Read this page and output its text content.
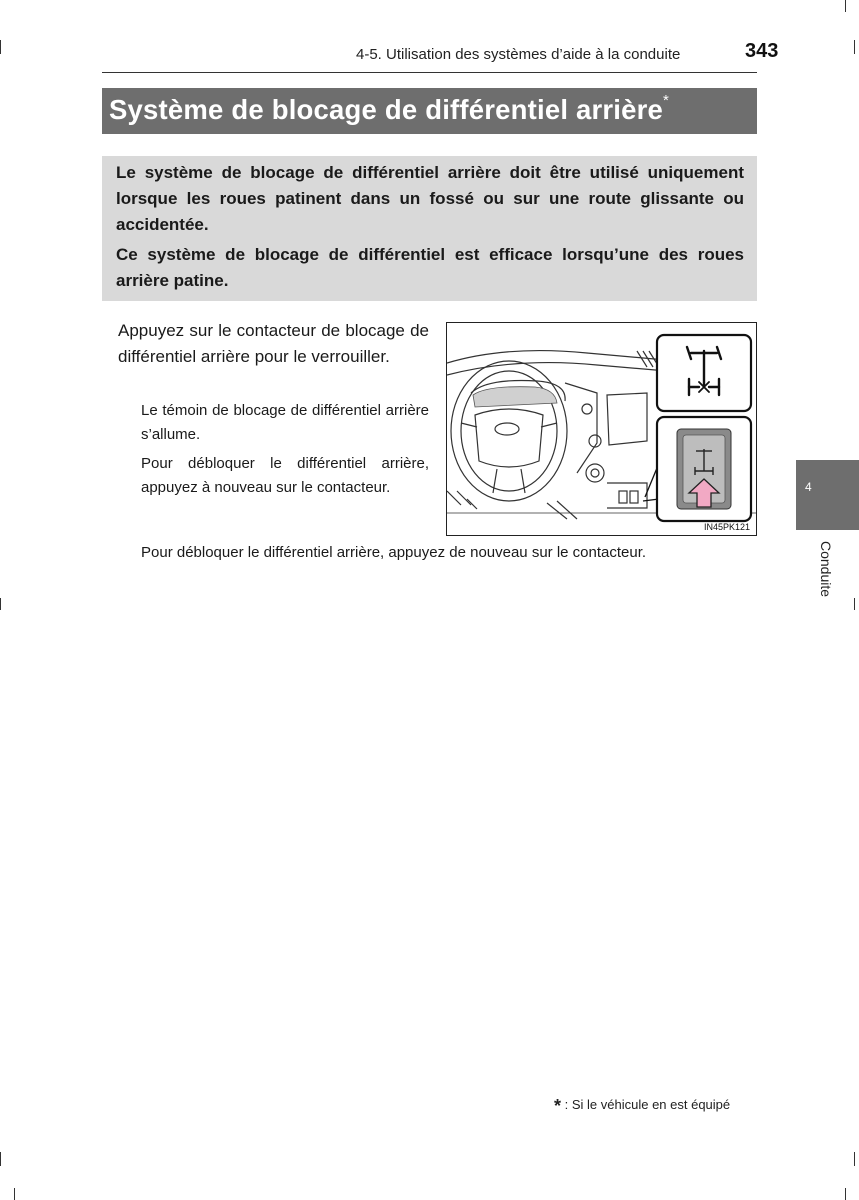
4-5. Utilisation des systèmes d’aide à la conduite	343
Système de blocage de différentiel arrière*

Le système de blocage de différentiel arrière doit être utilisé uniquement lorsque les roues patinent dans un fossé ou sur une route glissante ou accidentée.

Ce système de blocage de différentiel est efficace lorsqu’une des roues arrière patine.

Appuyez sur le contacteur de blocage de différentiel arrière pour le verrouiller.

Le témoin de blocage de différentiel arrière s’allume.

Pour débloquer le différentiel arrière, appuyez à nouveau sur le contacteur.

Pour débloquer le différentiel arrière, appuyez de nouveau sur le contacteur.

IN45PK121
4
Conduite
* : Si le véhicule en est équipé
